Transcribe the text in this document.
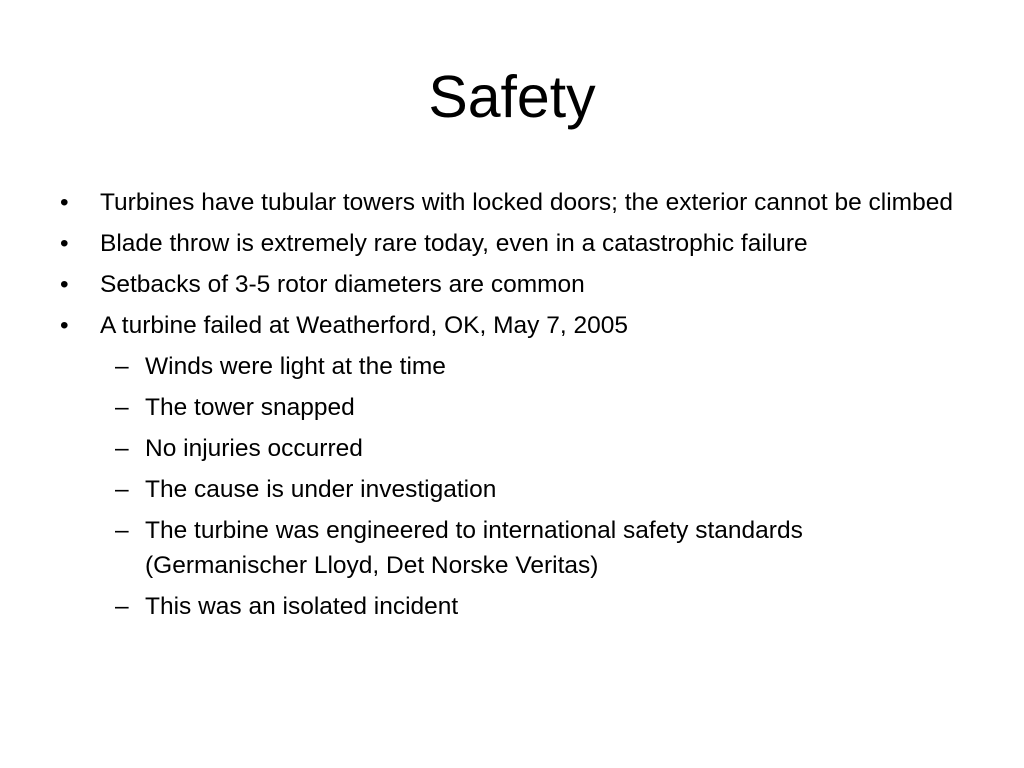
Safety
• Turbines have tubular towers with locked doors; the exterior cannot be climbed
• Blade throw is extremely rare today, even in a catastrophic failure
• Setbacks of 3-5 rotor diameters are common
• A turbine failed at Weatherford, OK, May 7, 2005
– Winds were light at the time
– The tower snapped
– No injuries occurred
– The cause is under investigation
– The turbine was engineered to international safety standards (Germanischer Lloyd, Det Norske Veritas)
– This was an isolated incident
